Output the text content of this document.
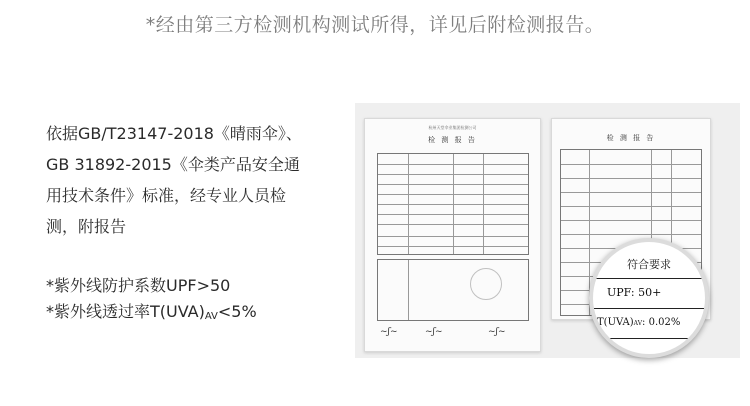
*经由第三方检测机构测试所得，详见后附检测报告。
依据GB/T23147-2018《晴雨伞》、
GB 31892-2015《伞类产品安全通
用技术条件》标准，经专业人员检
测，附报告
*紫外线防护系数UPF>50
*紫外线透过率$T(UVA)_{AV}<5\%$
杭州天堂伞业集团检测公司
检 测 报 告
~ʃ~	~ʃ~	~ʃ~
检 测 报 告
符合要求
UPF: 50+
T(UVA)AV: 0.02%
